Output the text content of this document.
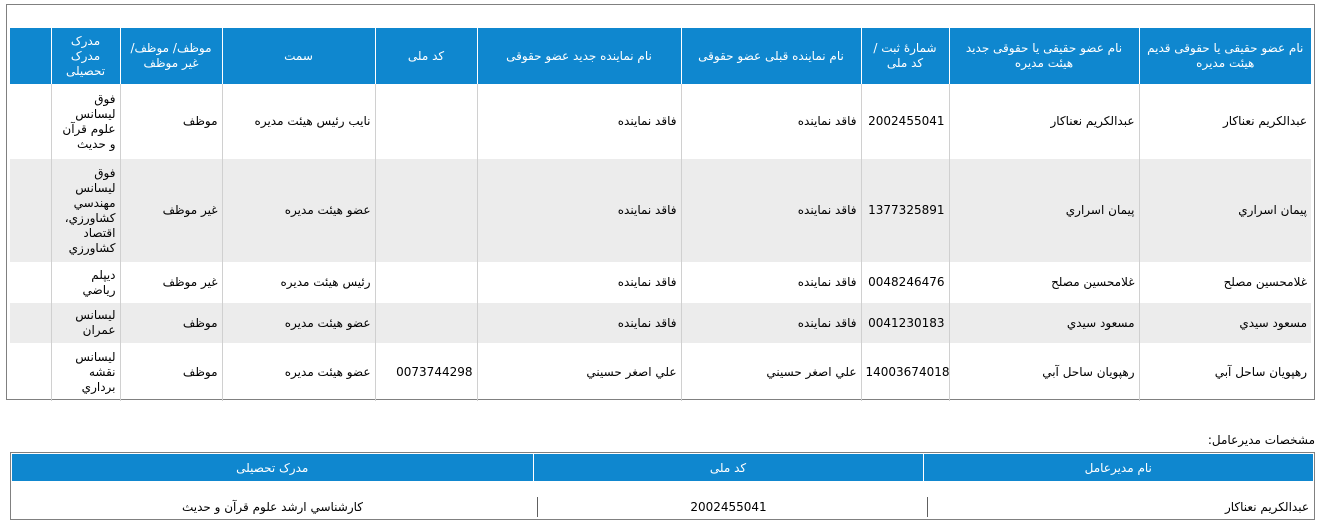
نام عضو حقیقی یا حقوقی قدیم هیئت مدیره	نام عضو حقیقی یا حقوقی جدید هیئت مدیره	شمارۀ ثبت / کد ملی	نام نماینده قبلی عضو حقوقی	نام نماینده جدید عضو حقوقی	کد ملی	سمت	موظف/ موظف/ غیر موظف	مدرک مدرک تحصیلی	
عبدالكريم نعناكار	عبدالكريم نعناكار	2002455041	فاقد نماينده	فاقد نماينده		نايب رئيس هيئت مديره	موظف	فوق ليسانس علوم قرآن و حديث	
پيمان اسراري	پيمان اسراري	1377325891	فاقد نماينده	فاقد نماينده		عضو هيئت مديره	غير موظف	فوق ليسانس مهندسي كشاورزي، اقتصاد كشاورزي	
غلامحسين مصلح	غلامحسين مصلح	0048246476	فاقد نماينده	فاقد نماينده		رئيس هيئت مديره	غير موظف	ديپلم رياضي	
مسعود سيدي	مسعود سيدي	0041230183	فاقد نماينده	فاقد نماينده		عضو هيئت مديره	موظف	ليسانس عمران	
رهپويان ساحل آبي	رهپويان ساحل آبي	14003674018	علي اصغر حسيني	علي اصغر حسيني	0073744298	عضو هيئت مديره	موظف	ليسانس نقشه برداري	
مشخصات مديرعامل:
نام مديرعامل	كد ملی	مدرک تحصیلی

عبدالكريم نعناكار	2002455041	كارشناسي ارشد علوم قرآن و حديث
